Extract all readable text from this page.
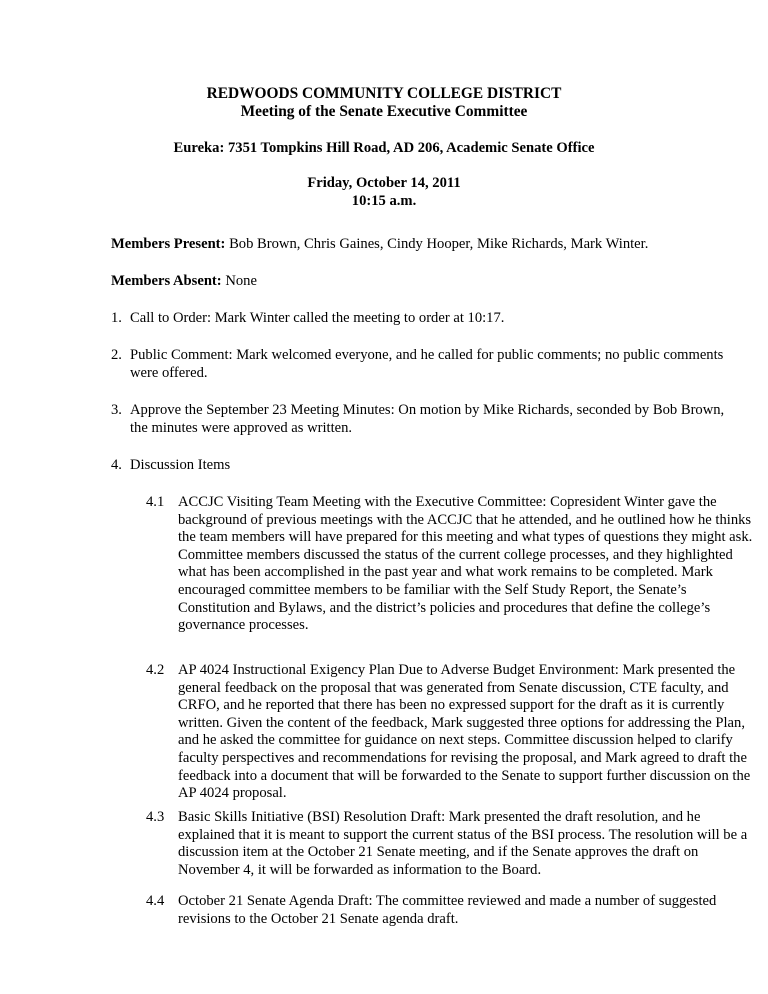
REDWOODS COMMUNITY COLLEGE DISTRICT
Meeting of the Senate Executive Committee
Eureka: 7351 Tompkins Hill Road, AD 206, Academic Senate Office
Friday, October 14, 2011
10:15 a.m.
Members Present: Bob Brown, Chris Gaines, Cindy Hooper, Mike Richards, Mark Winter.
Members Absent: None
1. Call to Order: Mark Winter called the meeting to order at 10:17.
2. Public Comment: Mark welcomed everyone, and he called for public comments; no public comments were offered.
3. Approve the September 23 Meeting Minutes: On motion by Mike Richards, seconded by Bob Brown, the minutes were approved as written.
4. Discussion Items
4.1 ACCJC Visiting Team Meeting with the Executive Committee: Copresident Winter gave the background of previous meetings with the ACCJC that he attended, and he outlined how he thinks the team members will have prepared for this meeting and what types of questions they might ask. Committee members discussed the status of the current college processes, and they highlighted what has been accomplished in the past year and what work remains to be completed. Mark encouraged committee members to be familiar with the Self Study Report, the Senate’s Constitution and Bylaws, and the district’s policies and procedures that define the college’s governance processes.
4.2 AP 4024 Instructional Exigency Plan Due to Adverse Budget Environment: Mark presented the general feedback on the proposal that was generated from Senate discussion, CTE faculty, and CRFO, and he reported that there has been no expressed support for the draft as it is currently written. Given the content of the feedback, Mark suggested three options for addressing the Plan, and he asked the committee for guidance on next steps. Committee discussion helped to clarify faculty perspectives and recommendations for revising the proposal, and Mark agreed to draft the feedback into a document that will be forwarded to the Senate to support further discussion on the AP 4024 proposal.
4.3 Basic Skills Initiative (BSI) Resolution Draft: Mark presented the draft resolution, and he explained that it is meant to support the current status of the BSI process. The resolution will be a discussion item at the October 21 Senate meeting, and if the Senate approves the draft on November 4, it will be forwarded as information to the Board.
4.4 October 21 Senate Agenda Draft: The committee reviewed and made a number of suggested revisions to the October 21 Senate agenda draft.
